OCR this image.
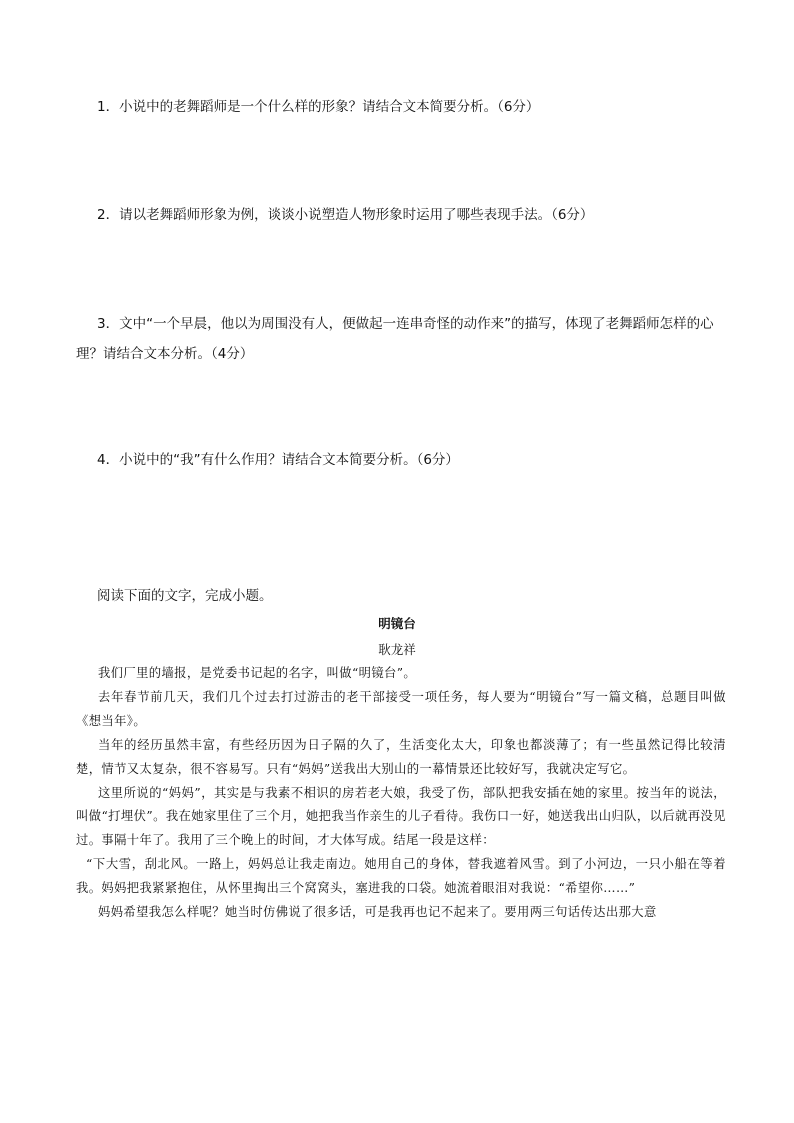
1．小说中的老舞蹈师是一个什么样的形象？请结合文本简要分析。（6分）

2．请以老舞蹈师形象为例，谈谈小说塑造人物形象时运用了哪些表现手法。（6分）

3．文中“一个早晨，他以为周围没有人，便做起一连串奇怪的动作来”的描写，体现了老舞蹈师怎样的心理？请结合文本分析。（4分）

4．小说中的“我”有什么作用？请结合文本简要分析。（6分）

阅读下面的文字，完成小题。

明镜台
耿龙祥

我们厂里的墙报，是党委书记起的名字，叫做“明镜台”。

去年春节前几天，我们几个过去打过游击的老干部接受一项任务，每人要为“明镜台”写一篇文稿，总题目叫做《想当年》。

当年的经历虽然丰富，有些经历因为日子隔的久了，生活变化太大，印象也都淡薄了；有一些虽然记得比较清楚，情节又太复杂，很不容易写。只有“妈妈”送我出大别山的一幕情景还比较好写，我就决定写它。

这里所说的“妈妈”，其实是与我素不相识的房若老大娘，我受了伤，部队把我安插在她的家里。按当年的说法，叫做“打埋伏”。我在她家里住了三个月，她把我当作亲生的儿子看待。我伤口一好，她送我出山归队，以后就再没见过。事隔十年了。我用了三个晚上的时间，才大体写成。结尾一段是这样：

“下大雪，刮北风。一路上，妈妈总让我走南边。她用自己的身体，替我遮着风雪。到了小河边，一只小船在等着我。妈妈把我紧紧抱住，从怀里掏出三个窝窝头，塞进我的口袋。她流着眼泪对我说：“希望你……”

妈妈希望我怎么样呢？她当时仿佛说了很多话，可是我再也记不起来了。要用两三句话传达出那大意
